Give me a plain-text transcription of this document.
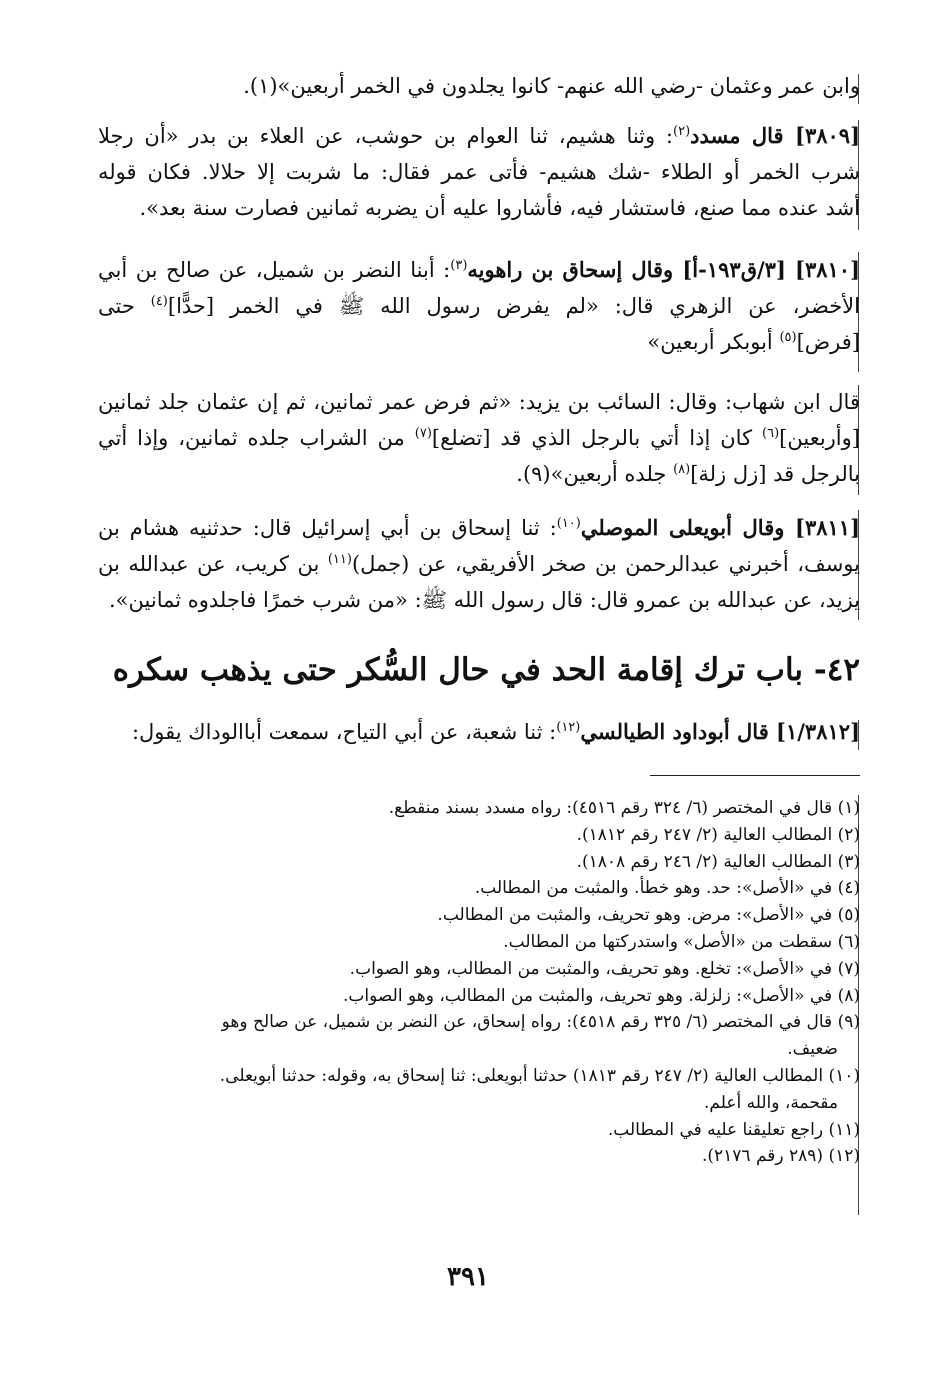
وابن عمر وعثمان -رضي الله عنهم- كانوا يجلدون في الخمر أربعين»(١).
[٣٨٠٩] قال مسدد$^{(٢)}$: وثنا هشيم، ثنا العوام بن حوشب، عن العلاء بن بدر «أن رجلا
شرب الخمر أو الطلاء -شك هشيم- فأتى عمر فقال: ما شربت إلا حلالا. فكان قوله
أشد عنده مما صنع، فاستشار فيه، فأشاروا عليه أن يضربه ثمانين فصارت سنة بعد».
[٣٨١٠] [٣/ق١٩٣-أ] وقال إسحاق بن راهويه$^{(٣)}$: أبنا النضر بن شميل، عن صالح بن أبي
الأخضر، عن الزهري قال: «لم يفرض رسول الله ﷺ في الخمر [حدًّا]$^{(٤)}$ حتى
[فرض]$^{(٥)}$ أبوبكر أربعين»
قال ابن شهاب: وقال: السائب بن يزيد: «ثم فرض عمر ثمانين، ثم إن عثمان جلد ثمانين
[وأربعين]$^{(٦)}$ كان إذا أتي بالرجل الذي قد [تضلع]$^{(٧)}$ من الشراب جلده ثمانين، وإذا أتي
بالرجل قد [زل زلة]$^{(٨)}$ جلده أربعين»(٩).
[٣٨١١] وقال أبويعلى الموصلي$^{(١٠)}$: ثنا إسحاق بن أبي إسرائيل قال: حدثنيه هشام بن
يوسف، أخبرني عبدالرحمن بن صخر الأفريقي، عن (جمل)$^{(١١)}$ بن كريب، عن عبدالله بن
يزيد، عن عبدالله بن عمرو قال: قال رسول الله ﷺ: «من شرب خمرًا فاجلدوه ثمانين».
٤٢- باب ترك إقامة الحد في حال السُّكر حتى يذهب سكره
[١/٣٨١٢] قال أبوداود الطيالسي$^{(١٢)}$: ثنا شعبة، عن أبي التياح، سمعت أباالوداك يقول:
(١) قال في المختصر (٦/ ٣٢٤ رقم ٤٥١٦): رواه مسدد بسند منقطع.
(٢) المطالب العالية (٢/ ٢٤٧ رقم ١٨١٢).
(٣) المطالب العالية (٢/ ٢٤٦ رقم ١٨٠٨).
(٤) في «الأصل»: حد. وهو خطأ. والمثبت من المطالب.
(٥) في «الأصل»: مرض. وهو تحريف، والمثبت من المطالب.
(٦) سقطت من «الأصل» واستدركتها من المطالب.
(٧) في «الأصل»: تخلع. وهو تحريف، والمثبت من المطالب، وهو الصواب.
(٨) في «الأصل»: زلزلة. وهو تحريف، والمثبت من المطالب، وهو الصواب.
(٩) قال في المختصر (٦/ ٣٢٥ رقم ٤٥١٨): رواه إسحاق، عن النضر بن شميل، عن صالح وهو
ضعيف.
(١٠) المطالب العالية (٢/ ٢٤٧ رقم ١٨١٣) حدثنا أبويعلى: ثنا إسحاق به، وقوله: حدثنا أبويعلى.
مقحمة، والله أعلم.
(١١) راجع تعليقنا عليه في المطالب.
(١٢) (٢٨٩ رقم ٢١٧٦).
٣٩١
